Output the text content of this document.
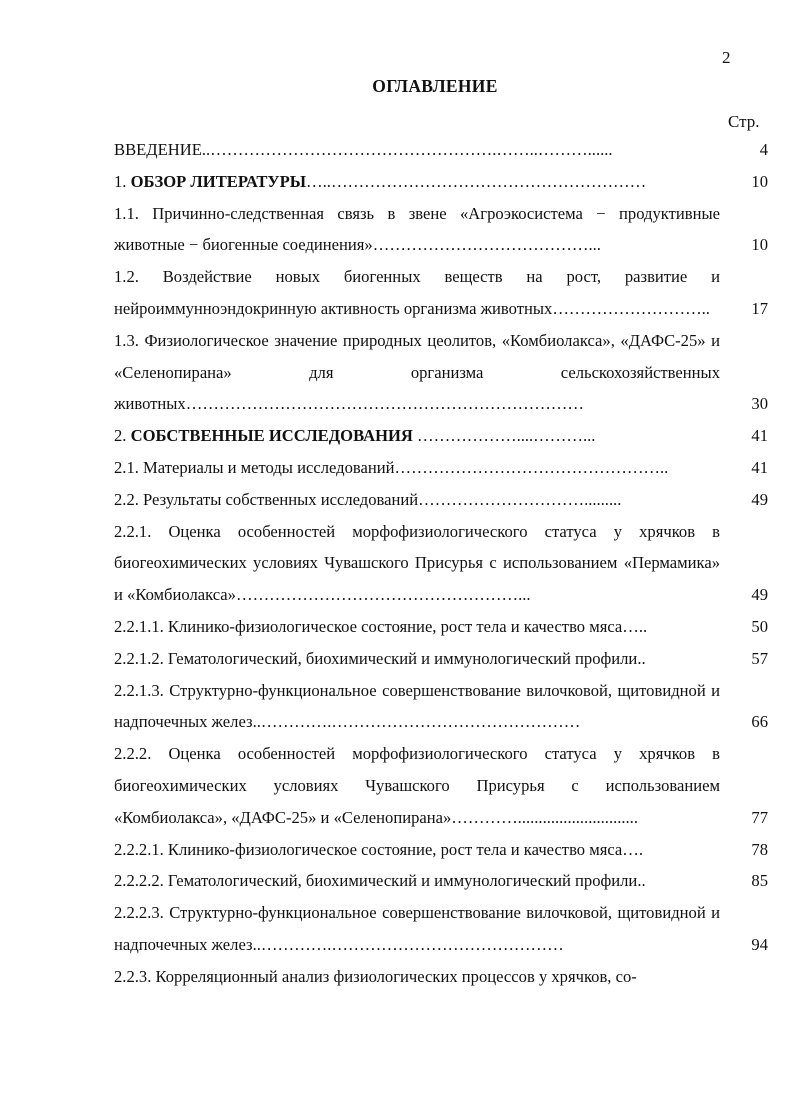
2
ОГЛАВЛЕНИЕ
Стр.
ВВЕДЕНИЕ..…………………………………………….……..………......	4
1. ОБЗОР ЛИТЕРАТУРЫ…..…………………………………………………	10
1.1. Причинно-следственная связь в звене «Агроэкосистема − продуктивные животные − биогенные соединения»…………………………………...	10
1.2. Воздействие новых биогенных веществ на рост, развитие и нейроиммунноэндокринную активность организма животных………………………..	17
1.3. Физиологическое значение природных цеолитов, «Комбиолакса», «ДАФС-25» и «Селенопирана» для организма сельскохозяйственных животных………………………………………………………………	30
2. СОБСТВЕННЫЕ ИССЛЕДОВАНИЯ ………………....………...	41
2.1. Материалы и методы исследований…………………………………………..	41
2.2. Результаты собственных исследований………………………….........	49
2.2.1. Оценка особенностей морфофизиологического статуса у хрячков в биогеохимических условиях Чувашского Присурья с использованием «Пермамика» и «Комбиолакса»……………………………………………...	49
2.2.1.1. Клинико-физиологическое состояние, рост тела и качество мяса…..	50
2.2.1.2. Гематологический, биохимический и иммунологический профили..	57
2.2.1.3. Структурно-функциональное совершенствование вилочковой, щитовидной и надпочечных желез..………….………………………………………	66
2.2.2. Оценка особенностей морфофизиологического статуса у хрячков в биогеохимических условиях Чувашского Присурья с использованием «Комбиолакса», «ДАФС-25» и «Селенопирана»………….............................	77
2.2.2.1. Клинико-физиологическое состояние, рост тела и качество мяса….	78
2.2.2.2. Гематологический, биохимический и иммунологический профили..	85
2.2.2.3. Структурно-функциональное совершенствование вилочковой, щитовидной и надпочечных желез..………….……………………………………	94
2.2.3. Корреляционный анализ физиологических процессов у хрячков, со-
